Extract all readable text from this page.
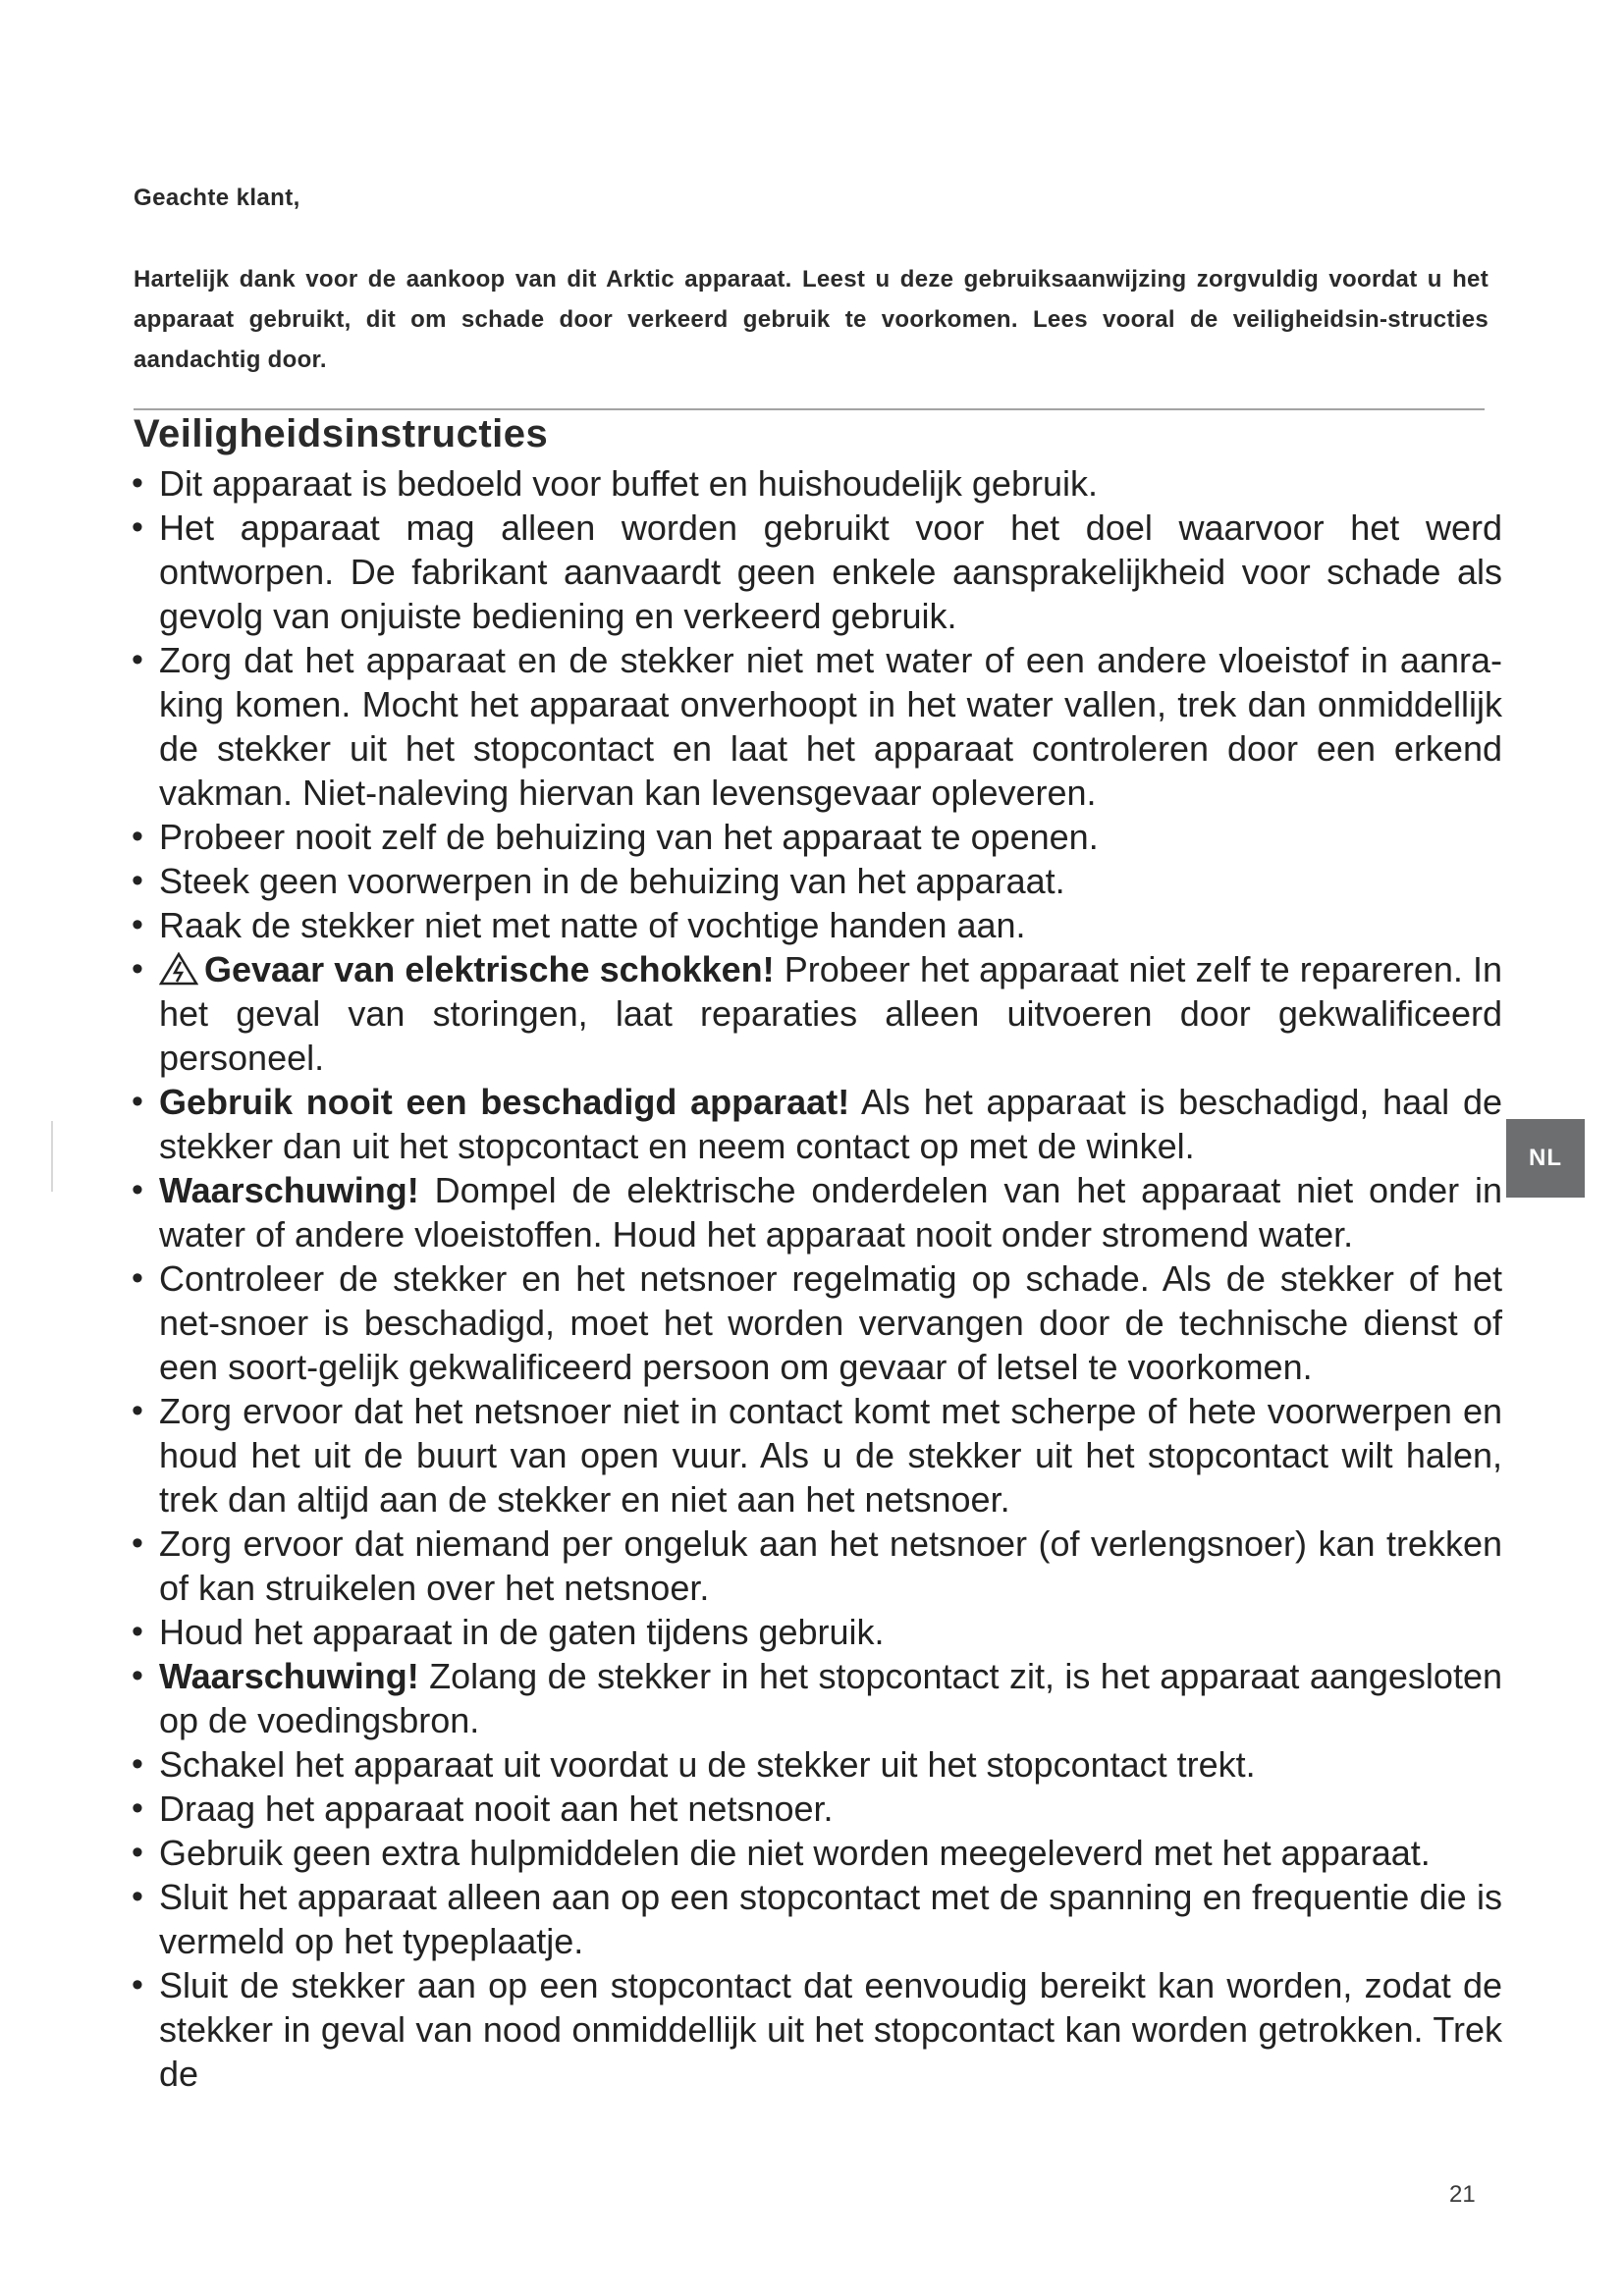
Geachte klant,
Hartelijk dank voor de aankoop van dit Arktic apparaat. Leest u deze gebruiksaanwijzing zorgvuldig voordat u het apparaat gebruikt, dit om schade door verkeerd gebruik te voorkomen. Lees vooral de veiligheidsin-structies aandachtig door.
Veiligheidsinstructies
• Dit apparaat is bedoeld voor buffet en huishoudelijk gebruik.
• Het apparaat mag alleen worden gebruikt voor het doel waarvoor het werd ontworpen. De fabrikant aanvaardt geen enkele aansprakelijkheid voor schade als gevolg van onjuiste bediening en verkeerd gebruik.
• Zorg dat het apparaat en de stekker niet met water of een andere vloeistof in aanra-king komen. Mocht het apparaat onverhoopt in het water vallen, trek dan onmiddellijk de stekker uit het stopcontact en laat het apparaat controleren door een erkend vakman. Niet-naleving hiervan kan levensgevaar opleveren.
• Probeer nooit zelf de behuizing van het apparaat te openen.
• Steek geen voorwerpen in de behuizing van het apparaat.
• Raak de stekker niet met natte of vochtige handen aan.
• Gevaar van elektrische schokken! Probeer het apparaat niet zelf te repareren. In het geval van storingen, laat reparaties alleen uitvoeren door gekwalificeerd personeel.
• Gebruik nooit een beschadigd apparaat! Als het apparaat is beschadigd, haal de stekker dan uit het stopcontact en neem contact op met de winkel.
• Waarschuwing! Dompel de elektrische onderdelen van het apparaat niet onder in water of andere vloeistoffen. Houd het apparaat nooit onder stromend water.
• Controleer de stekker en het netsnoer regelmatig op schade. Als de stekker of het net-snoer is beschadigd, moet het worden vervangen door de technische dienst of een soort-gelijk gekwalificeerd persoon om gevaar of letsel te voorkomen.
• Zorg ervoor dat het netsnoer niet in contact komt met scherpe of hete voorwerpen en houd het uit de buurt van open vuur. Als u de stekker uit het stopcontact wilt halen, trek dan altijd aan de stekker en niet aan het netsnoer.
• Zorg ervoor dat niemand per ongeluk aan het netsnoer (of verlengsnoer) kan trekken of kan struikelen over het netsnoer.
• Houd het apparaat in de gaten tijdens gebruik.
• Waarschuwing! Zolang de stekker in het stopcontact zit, is het apparaat aangesloten op de voedingsbron.
• Schakel het apparaat uit voordat u de stekker uit het stopcontact trekt.
• Draag het apparaat nooit aan het netsnoer.
• Gebruik geen extra hulpmiddelen die niet worden meegeleverd met het apparaat.
• Sluit het apparaat alleen aan op een stopcontact met de spanning en frequentie die is vermeld op het typeplaatje.
• Sluit de stekker aan op een stopcontact dat eenvoudig bereikt kan worden, zodat de stekker in geval van nood onmiddellijk uit het stopcontact kan worden getrokken. Trek de
NL
21
